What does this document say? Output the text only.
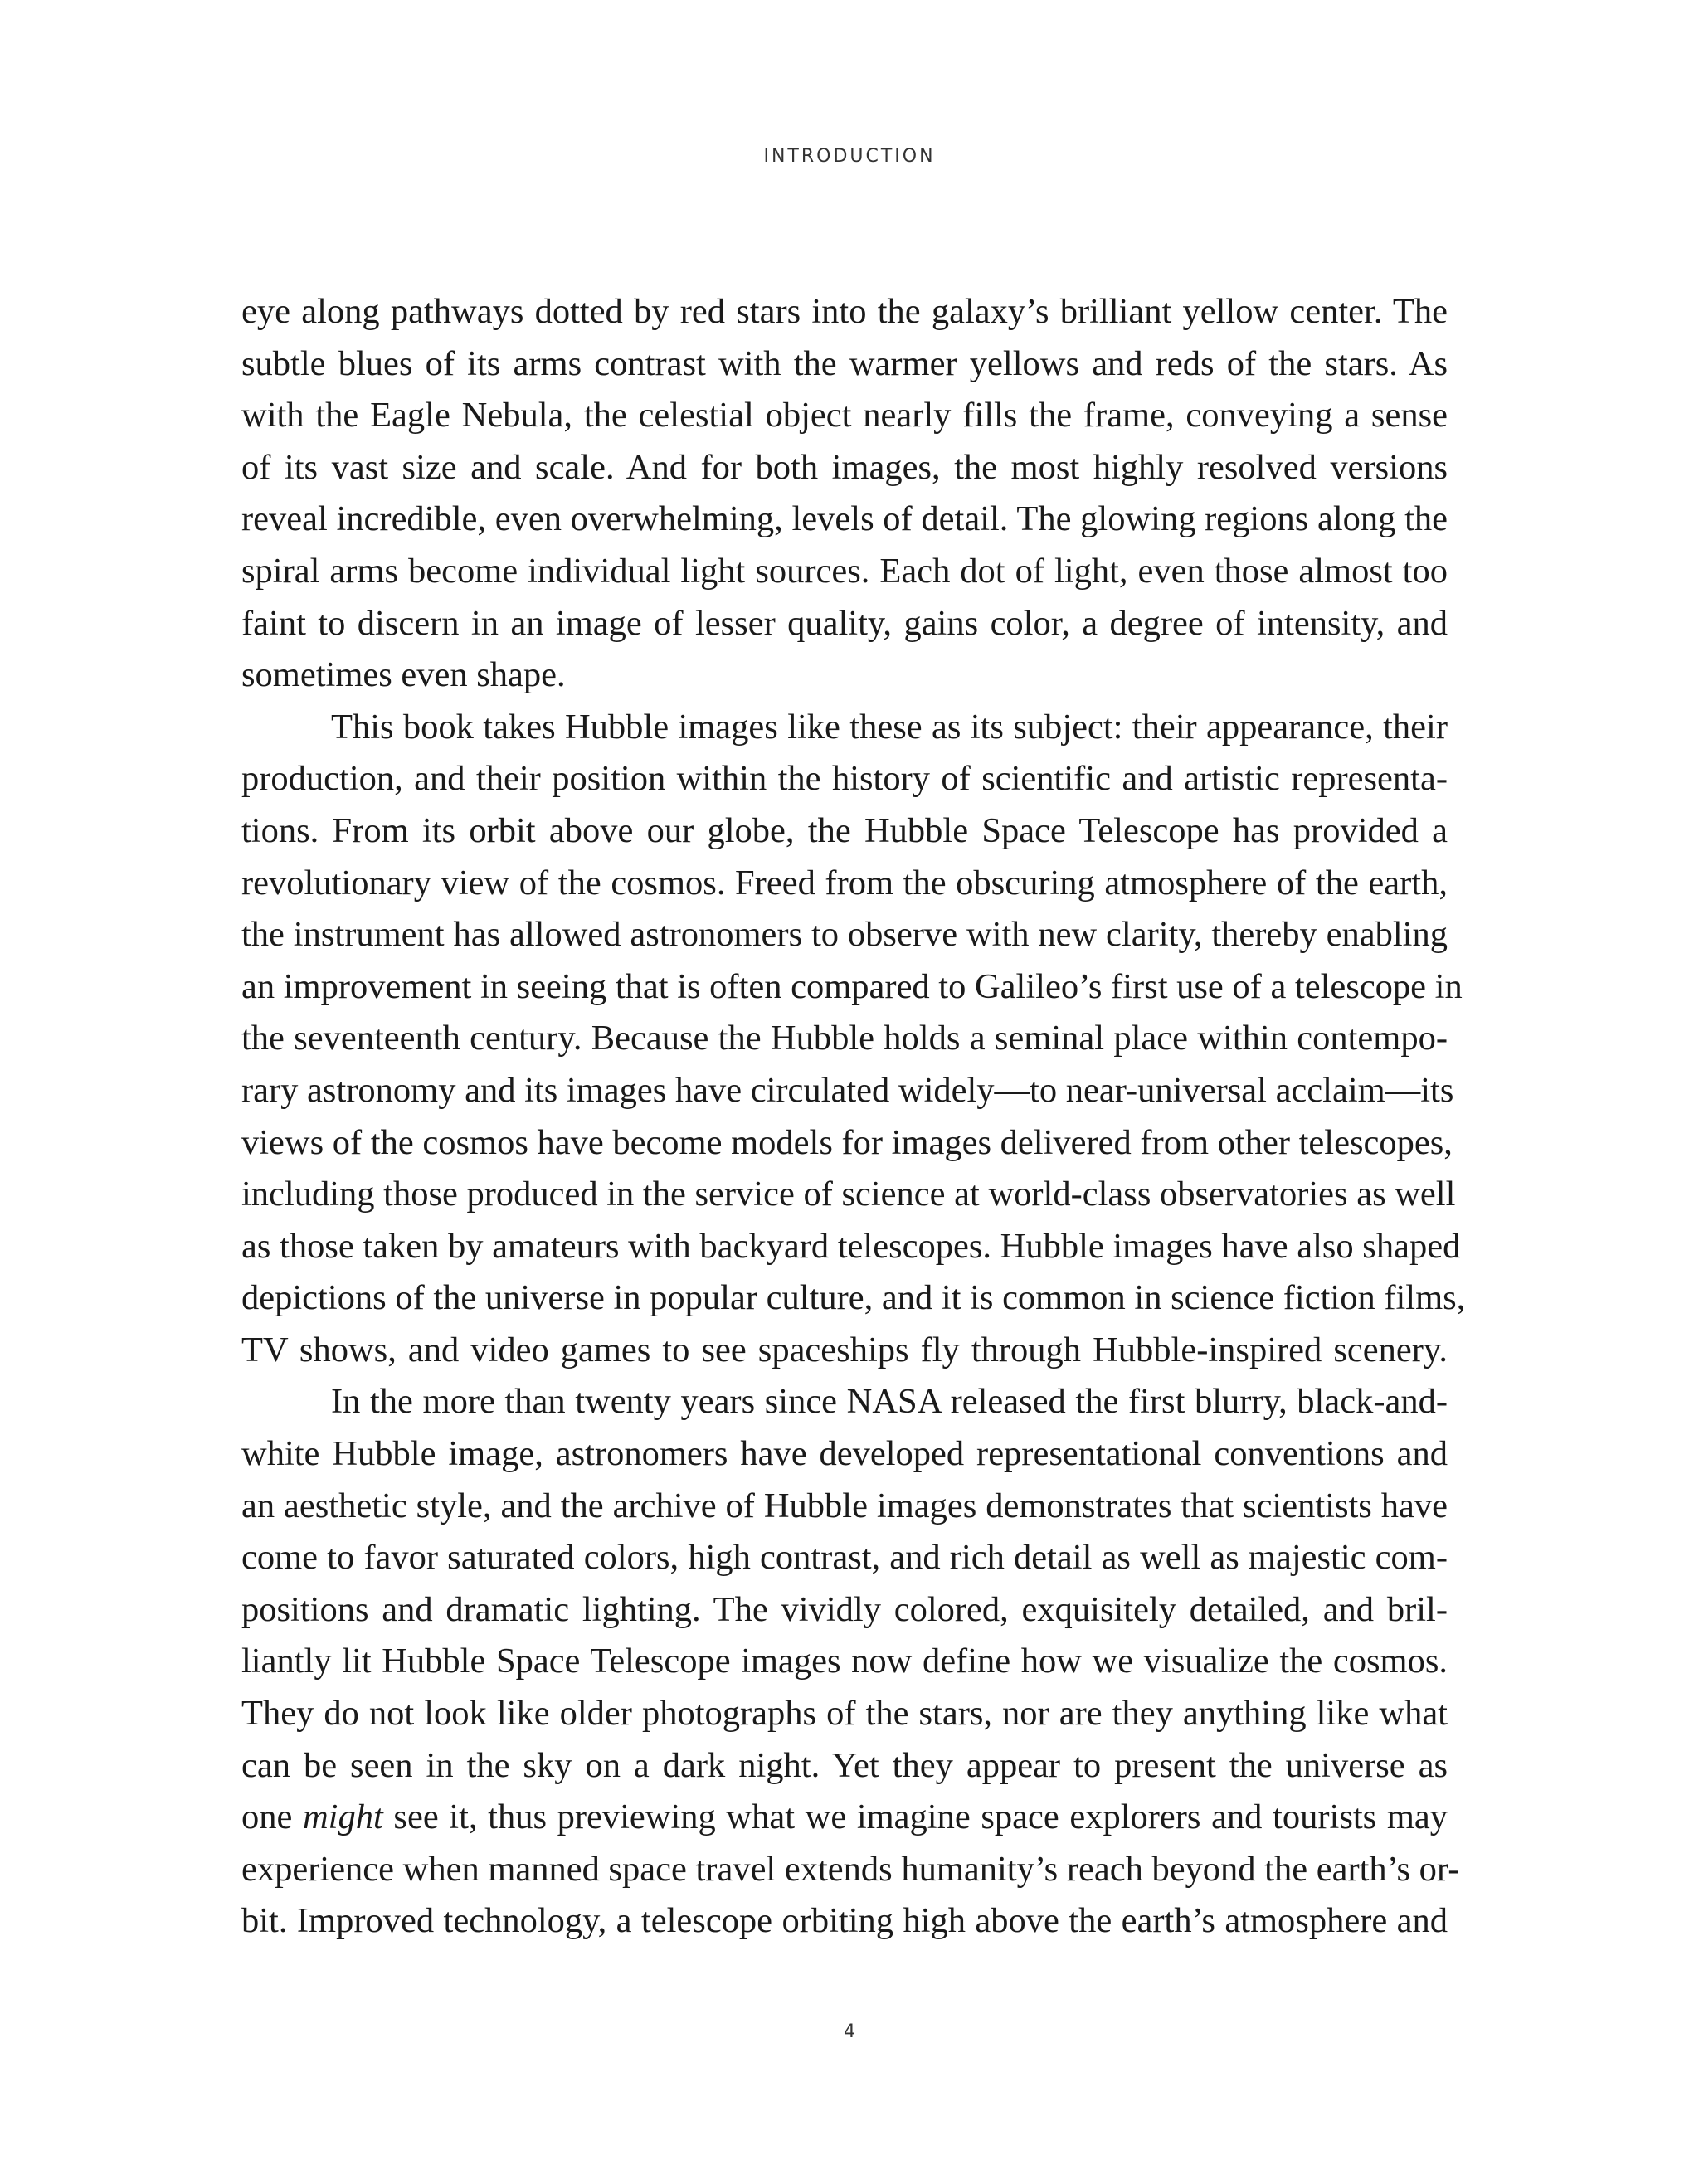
INTRODUCTION
eye along pathways dotted by red stars into the galaxy’s brilliant yellow center. The
subtle blues of its arms contrast with the warmer yellows and reds of the stars. As
with the Eagle Nebula, the celestial object nearly fills the frame, conveying a sense
of its vast size and scale. And for both images, the most highly resolved versions
reveal incredible, even overwhelming, levels of detail. The glowing regions along the
spiral arms become individual light sources. Each dot of light, even those almost too
faint to discern in an image of lesser quality, gains color, a degree of intensity, and
sometimes even shape.
This book takes Hubble images like these as its subject: their appearance, their
production, and their position within the history of scientific and artistic representa-
tions. From its orbit above our globe, the Hubble Space Telescope has provided a
revolutionary view of the cosmos. Freed from the obscuring atmosphere of the earth,
the instrument has allowed astronomers to observe with new clarity, thereby enabling
an improvement in seeing that is often compared to Galileo’s first use of a telescope in
the seventeenth century. Because the Hubble holds a seminal place within contempo-
rary astronomy and its images have circulated widely—to near-universal acclaim—its
views of the cosmos have become models for images delivered from other telescopes,
including those produced in the service of science at world-class observatories as well
as those taken by amateurs with backyard telescopes. Hubble images have also shaped
depictions of the universe in popular culture, and it is common in science fiction films,
TV shows, and video games to see spaceships fly through Hubble-inspired scenery.
In the more than twenty years since NASA released the first blurry, black-and-
white Hubble image, astronomers have developed representational conventions and
an aesthetic style, and the archive of Hubble images demonstrates that scientists have
come to favor saturated colors, high contrast, and rich detail as well as majestic com-
positions and dramatic lighting. The vividly colored, exquisitely detailed, and bril-
liantly lit Hubble Space Telescope images now define how we visualize the cosmos.
They do not look like older photographs of the stars, nor are they anything like what
can be seen in the sky on a dark night. Yet they appear to present the universe as
one might see it, thus previewing what we imagine space explorers and tourists may
experience when manned space travel extends humanity’s reach beyond the earth’s or-
bit. Improved technology, a telescope orbiting high above the earth’s atmosphere and
4
